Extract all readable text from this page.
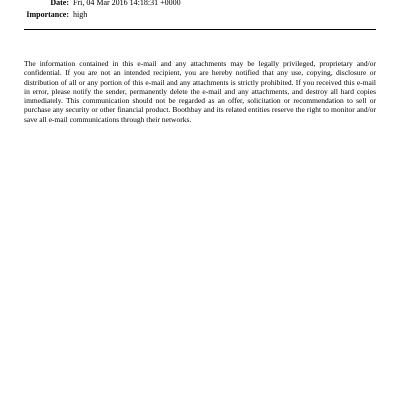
Date: Fri, 04 Mar 2016 14:18:31 +0000
Importance: high

The information contained in this e-mail and any attachments may be legally privileged, proprietary and/or confidential. If you are not an intended recipient, you are hereby notified that any use, copying, disclosure or distribution of all or any portion of this e-mail and any attachments is strictly prohibited. If you received this e-mail in error, please notify the sender, permanently delete the e-mail and any attachments, and destroy all hard copies immediately. This communication should not be regarded as an offer, solicitation or recommendation to sell or purchase any security or other financial product. Boothbay and its related entities reserve the right to monitor and/or save all e-mail communications through their networks.
